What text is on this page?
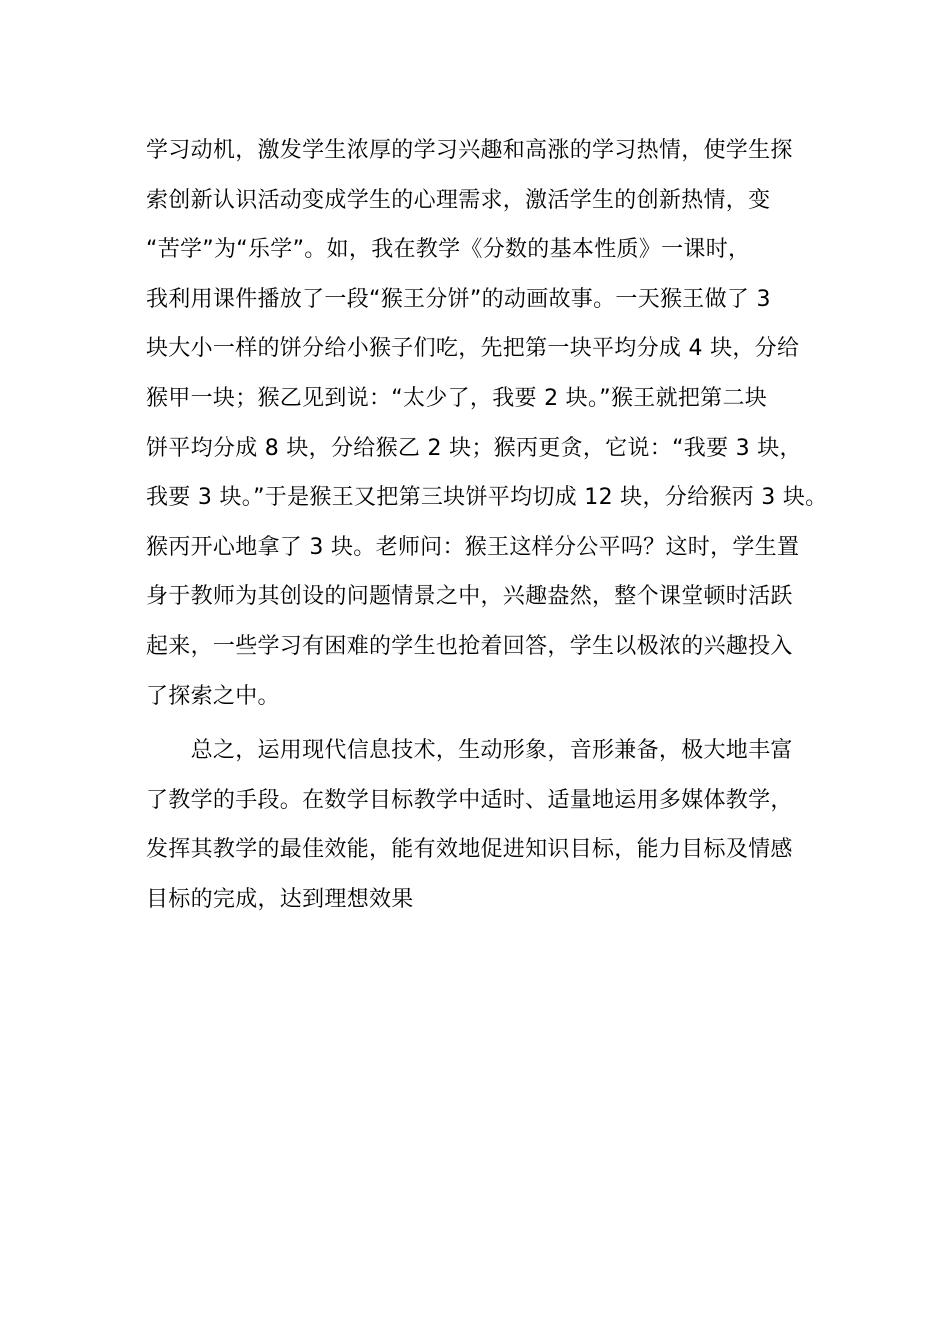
学习动机，激发学生浓厚的学习兴趣和高涨的学习热情，使学生探
索创新认识活动变成学生的心理需求，激活学生的创新热情，变
“苦学”为“乐学”。如，我在教学《分数的基本性质》一课时，
我利用课件播放了一段“猴王分饼”的动画故事。一天猴王做了 3
块大小一样的饼分给小猴子们吃，先把第一块平均分成 4 块，分给
猴甲一块；猴乙见到说：“太少了，我要 2 块。”猴王就把第二块
饼平均分成 8 块，分给猴乙 2 块；猴丙更贪，它说：“我要 3 块，
我要 3 块。”于是猴王又把第三块饼平均切成 12 块，分给猴丙 3 块。
猴丙开心地拿了 3 块。老师问：猴王这样分公平吗？这时，学生置
身于教师为其创设的问题情景之中，兴趣盎然，整个课堂顿时活跃
起来，一些学习有困难的学生也抢着回答，学生以极浓的兴趣投入
了探索之中。
　　总之，运用现代信息技术，生动形象，音形兼备，极大地丰富
了教学的手段。在数学目标教学中适时、适量地运用多媒体教学，
发挥其教学的最佳效能，能有效地促进知识目标，能力目标及情感
目标的完成，达到理想效果
